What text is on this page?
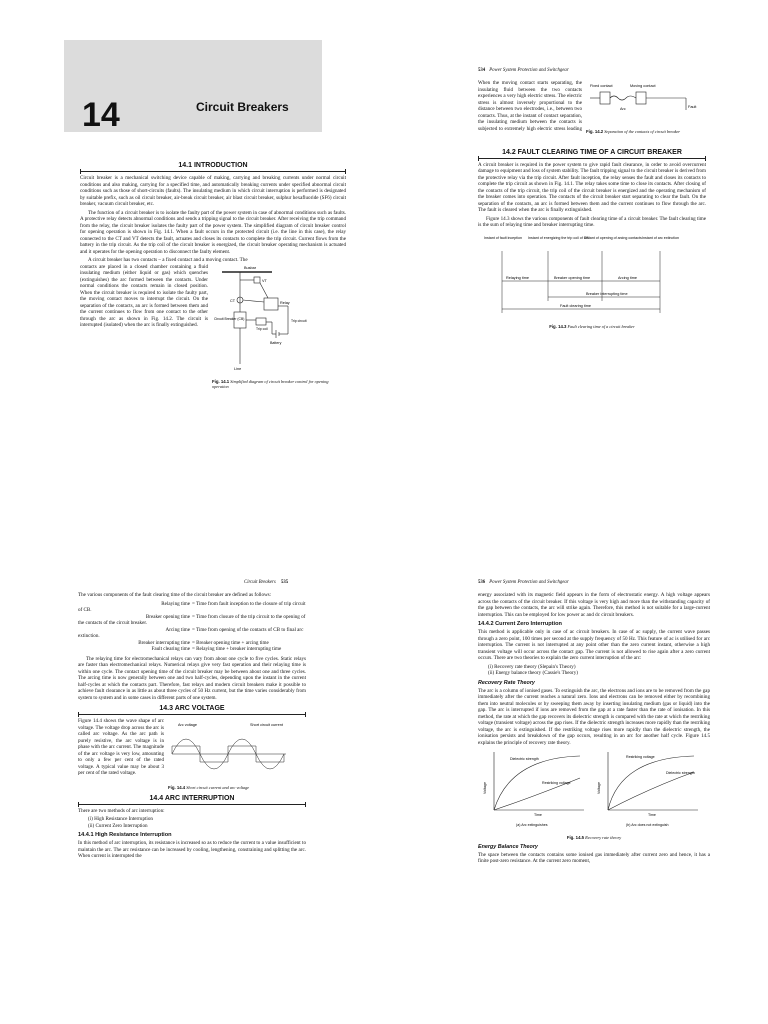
14	Circuit Breakers
14.1 INTRODUCTION

Circuit breaker is a mechanical switching device capable of making, carrying and breaking currents under normal circuit conditions and also making, carrying for a specified time, and automatically breaking currents under specified abnormal circuit conditions such as those of short-circuits (faults). The insulating medium in which circuit interruption is performed is designated by suitable prefix, such as oil circuit breaker, air-break circuit breaker, air blast circuit breaker, sulphur hexafluoride (SF6) circuit breaker, vacuum circuit breaker, etc.

The function of a circuit breaker is to isolate the faulty part of the power system in case of abnormal conditions such as faults. A protective relay detects abnormal conditions and sends a tripping signal to the circuit breaker. After receiving the trip command from the relay, the circuit breaker isolates the faulty part of the power system. The simplified diagram of circuit breaker control for opening operation is shown in Fig. 14.1. When a fault occurs in the protected circuit (i.e. the line in this case), the relay connected to the CT and VT detects the fault, actuates and closes its contacts to complete the trip circuit. Current flows from the battery in the trip circuit. As the trip coil of the circuit breaker is energized, the circuit breaker operating mechanism is actuated and it operates for the opening operation to disconnect the faulty element.

A circuit breaker has two contacts – a fixed contact and a moving contact. The

contacts are placed in a closed chamber containing a fluid insulating medium (either liquid or gas) which quenches (extinguishes) the arc formed between the contacts. Under normal conditions the contacts remain in closed position. When the circuit breaker is required to isolate the faulty part, the moving contact moves to interrupt the circuit. On the separation of the contacts, an arc is formed between them and the current continues to flow from one contact to the other through the arc as shown in Fig. 14.2. The circuit is interrupted (isolated) when the arc is finally extinguished.

Busbar
VT
CT	Relay
Circuit Breaker (CB)
Trip coil
Trip circuit
Battery
Line
Fig. 14.1 Simplified diagram of circuit breaker control for opening operation
534 Power System Protection and Switchgear

When the moving contact starts separating, the insulating fluid between the two contacts experiences a very high electric stress. The electric stress is almost inversely proportional to the distance between two electrodes, i.e., between two contacts. Thus, at the instant of contact separation, the insulating medium between the contacts is subjected to extremely high electric stress leading

Fixed contact	Moving contact
Arc	Fault
Fig. 14.2 Separation of the contacts of circuit breaker
14.2 FAULT CLEARING TIME OF A CIRCUIT BREAKER

A circuit breaker is required in the power system to give rapid fault clearance, in order to avoid overcurrent damage to equipment and loss of system stability. The fault tripping signal to the circuit breaker is derived from the protective relay via the trip circuit. After fault inception, the relay senses the fault and closes its contacts to complete the trip circuit as shown in Fig. 14.1. The relay takes some time to close its contacts. After closing of the contacts of the trip circuit, the trip coil of the circuit breaker is energized and the operating mechanism of the breaker comes into operation. The contacts of the circuit breaker start separating to clear the fault. On the separation of the contacts, an arc is formed between them and the current continues to flow through the arc. The fault is cleared when the arc is finally extinguished.

Figure 14.3 shows the various components of fault clearing time of a circuit breaker. The fault clearing time is the sum of relaying time and breaker interrupting time.

Instant of fault inception Instant of energizing the trip coil of CB
Instant of opening of arcing contacts Instant of arc extinction
Relaying time	Breaker opening time	Arcing time
Breaker interrupting time
Fault clearing time
Fig. 14.3 Fault clearing time of a circuit breaker
Circuit Breakers 535

The various components of the fault clearing time of the circuit breaker are defined as follows:

Relaying time = Time from fault inception to the closure of trip circuit of CB.

Breaker opening time = Time from closure of the trip circuit to the opening of the contacts of the circuit breaker.

Arcing time = Time from opening of the contacts of CB to final arc extinction.

Breaker interrupting time = Breaker opening time + arcing time

Fault clearing time = Relaying time + breaker interrupting time

The relaying time for electromechanical relays can vary from about one cycle to five cycles. Static relays are faster than electromechanical relays. Numerical relays give very fast operation and their relaying time is within one cycle. The contact opening time of the circuit breaker may be between about one and three cycles. The arcing time is now generally between one and two half-cycles, depending upon the instant in the current half-cycles at which the contacts part. Therefore, fast relays and modern circuit breakers make it possible to achieve fault clearance in as little as about three cycles of 50 Hz current, but the time varies considerably from system to system and in some cases in different parts of one system.

14.3 ARC VOLTAGE

Figure 14.4 shows the wave shape of arc voltage. The voltage drop across the arc is called arc voltage. As the arc path is purely resistive, the arc voltage is in phase with the arc current. The magnitude of the arc voltage is very low, amounting to only a few per cent of the rated voltage. A typical value may be about 3 per cent of the rated voltage.

Arc voltage	Short circuit current
Fig. 14.4 Short circuit current and arc voltage
14.4 ARC INTERRUPTION

There are two methods of arc interruption:

(i) High Resistance Interruption

(ii) Current Zero Interruption

14.4.1 High Resistance Interruption

In this method of arc interruption, its resistance is increased so as to reduce the current to a value insufficient to maintain the arc. The arc resistance can be increased by cooling, lengthening, constraining and splitting the arc. When current is interrupted the

536 Power System Protection and Switchgear

energy associated with its magnetic field appears in the form of electrostatic energy. A high voltage appears across the contacts of the circuit breaker. If this voltage is very high and more than the withstanding capacity of the gap between the contacts, the arc will strike again. Therefore, this method is not suitable for a large-current interruption. This can be employed for low power ac and dc circuit breakers.

14.4.2 Current Zero Interruption

This method is applicable only in case of ac circuit breakers. In case of ac supply, the current wave passes through a zero point, 100 times per second at the supply frequency of 50 Hz. This feature of ac is utilised for arc interruption. The current is not interrupted at any point other than the zero current instant, otherwise a high transient voltage will occur across the contact gap. The current is not allowed to rise again after a zero current occurs. There are two theories to explain the zero current interruption of the arc:

(i) Recovery rate theory (Slepain's Theory)

(ii) Energy balance theory (Cassie's Theory)

Recovery Rate Theory

The arc is a column of ionised gases. To extinguish the arc, the electrons and ions are to be removed from the gap immediately after the current reaches a natural zero. Ions and electrons can be removed either by recombining them into neutral molecules or by sweeping them away by inserting insulating medium (gas or liquid) into the gap. The arc is interrupted if ions are removed from the gap at a rate faster than the rate of ionisation. In this method, the rate at which the gap recovers its dielectric strength is compared with the rate at which the restriking voltage (transient voltage) across the gap rises. If the dielectric strength increases more rapidly than the restriking voltage, the arc is extinguished. If the restriking voltage rises more rapidly than the dielectric strength, the ionisation persists and breakdown of the gap occurs, resulting in an arc for another half cycle. Figure 14.5 explains the principle of recovery rate theory.

Dielectric strength
Restriking voltage
Voltage
Time
(a) Arc extinguishes
Restriking voltage
Dielectric strength
Voltage
Time
(b) Arc does not extinguish
Fig. 14.5 Recovery rate theory
Energy Balance Theory

The space between the contacts contains some ionised gas immediately after current zero and hence, it has a finite post-zero resistance. At the current zero moment,
